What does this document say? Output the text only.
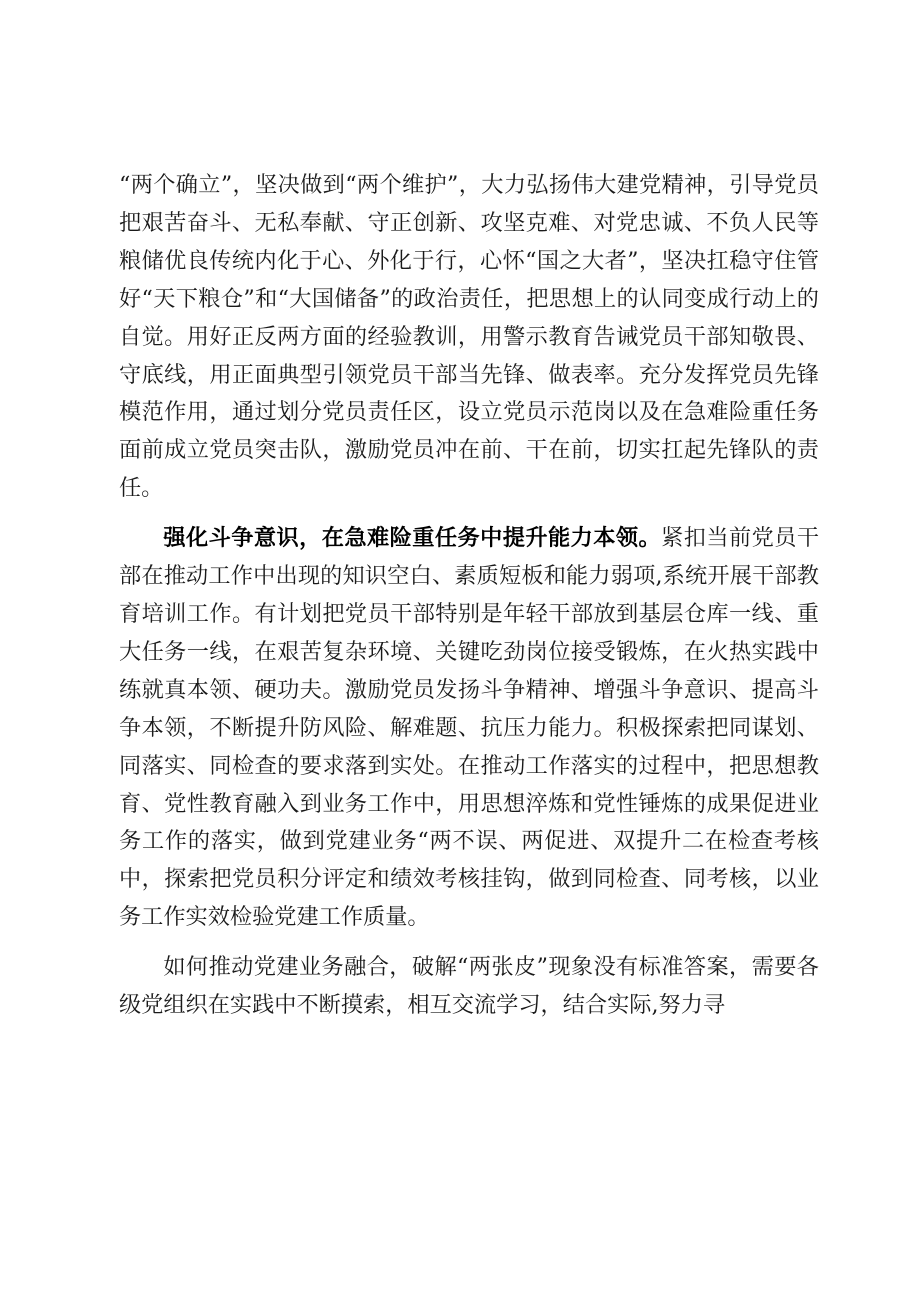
“两个确立”，坚决做到“两个维护”，大力弘扬伟大建党精神，引导党员把艰苦奋斗、无私奉献、守正创新、攻坚克难、对党忠诚、不负人民等粮储优良传统内化于心、外化于行，心怀“国之大者”，坚决扛稳守住管好“天下粮仓”和“大国储备”的政治责任，把思想上的认同变成行动上的自觉。用好正反两方面的经验教训，用警示教育告诫党员干部知敬畏、守底线，用正面典型引领党员干部当先锋、做表率。充分发挥党员先锋模范作用，通过划分党员责任区，设立党员示范岗以及在急难险重任务面前成立党员突击队，激励党员冲在前、干在前，切实扛起先锋队的责任。

强化斗争意识，在急难险重任务中提升能力本领。紧扣当前党员干部在推动工作中出现的知识空白、素质短板和能力弱项,系统开展干部教育培训工作。有计划把党员干部特别是年轻干部放到基层仓库一线、重大任务一线，在艰苦复杂环境、关键吃劲岗位接受锻炼，在火热实践中练就真本领、硬功夫。激励党员发扬斗争精神、增强斗争意识、提高斗争本领，不断提升防风险、解难题、抗压力能力。积极探索把同谋划、同落实、同检查的要求落到实处。在推动工作落实的过程中，把思想教育、党性教育融入到业务工作中，用思想淬炼和党性锤炼的成果促进业务工作的落实，做到党建业务“两不误、两促进、双提升二在检查考核中，探索把党员积分评定和绩效考核挂钩，做到同检查、同考核，以业务工作实效检验党建工作质量。

如何推动党建业务融合，破解“两张皮”现象没有标准答案，需要各级党组织在实践中不断摸索，相互交流学习，结合实际,努力寻
